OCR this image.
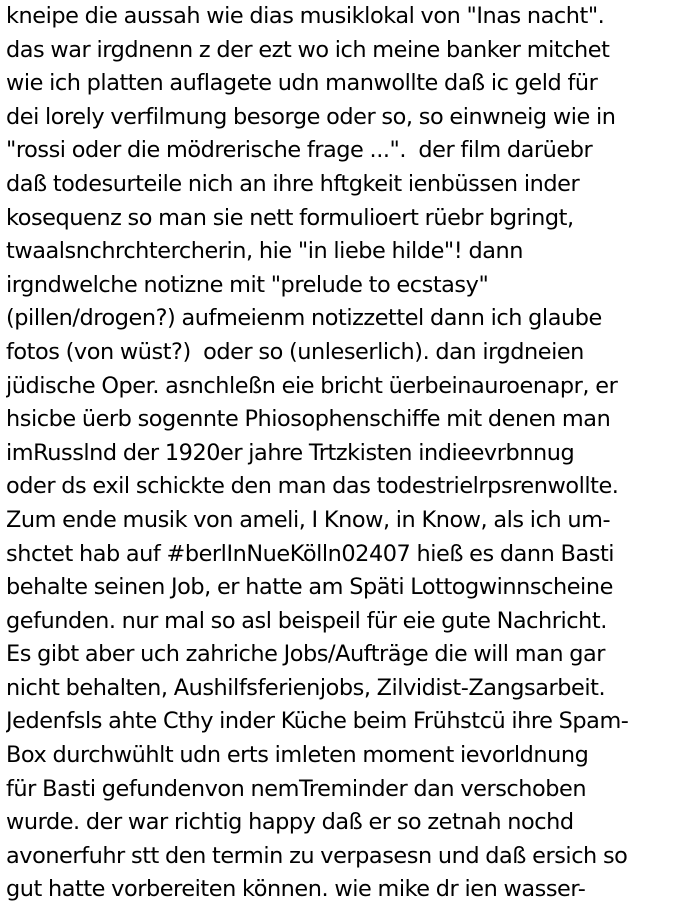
kneipe die aussah wie dias musiklokal von "Inas nacht".
das war irgdnenn z der ezt wo ich meine banker mitchet
wie ich platten auflagete udn manwollte daß ic geld für
dei lorely verfilmung besorge oder so, so einwneig wie in
"rossi oder die mödrerische frage ...".  der film darüebr
daß todesurteile nich an ihre hftgkeit ienbüssen inder
kosequenz so man sie nett formulioert rüebr bgringt,
twaalsnchrchtercherin, hie "in liebe hilde"! dann
irgndwelche notizne mit "prelude to ecstasy"
(pillen/drogen?) aufmeienm notizzettel dann ich glaube
fotos (von wüst?)  oder so (unleserlich). dan irgdneien
jüdische Oper. asnchleßn eie bricht üerbeinauroenapr, er
hsicbe üerb sogennte Phiosophenschiffe mit denen man
imRusslnd der 1920er jahre Trtzkisten indieevrbnnug
oder ds exil schickte den man das todestrielrpsrenwollte.
Zum ende musik von ameli, I Know, in Know, als ich um-
shctet hab auf #berlInNueKölln02407 hieß es dann Basti
behalte seinen Job, er hatte am Späti Lottogwinnscheine
gefunden. nur mal so asl beispeil für eie gute Nachricht.
Es gibt aber uch zahriche Jobs/Aufträge die will man gar
nicht behalten, Aushilfsferienjobs, Zilvidist-Zangsarbeit.
Jedenfsls ahte Cthy inder Küche beim Frühstcü ihre Spam-
Box durchwühlt udn erts imleten moment ievorldnung
für Basti gefundenvon nemTreminder dan verschoben
wurde. der war richtig happy daß er so zetnah nochd
avonerfuhr stt den termin zu verpasesn und daß ersich so
gut hatte vorbereiten können. wie mike dr ien wasser-
